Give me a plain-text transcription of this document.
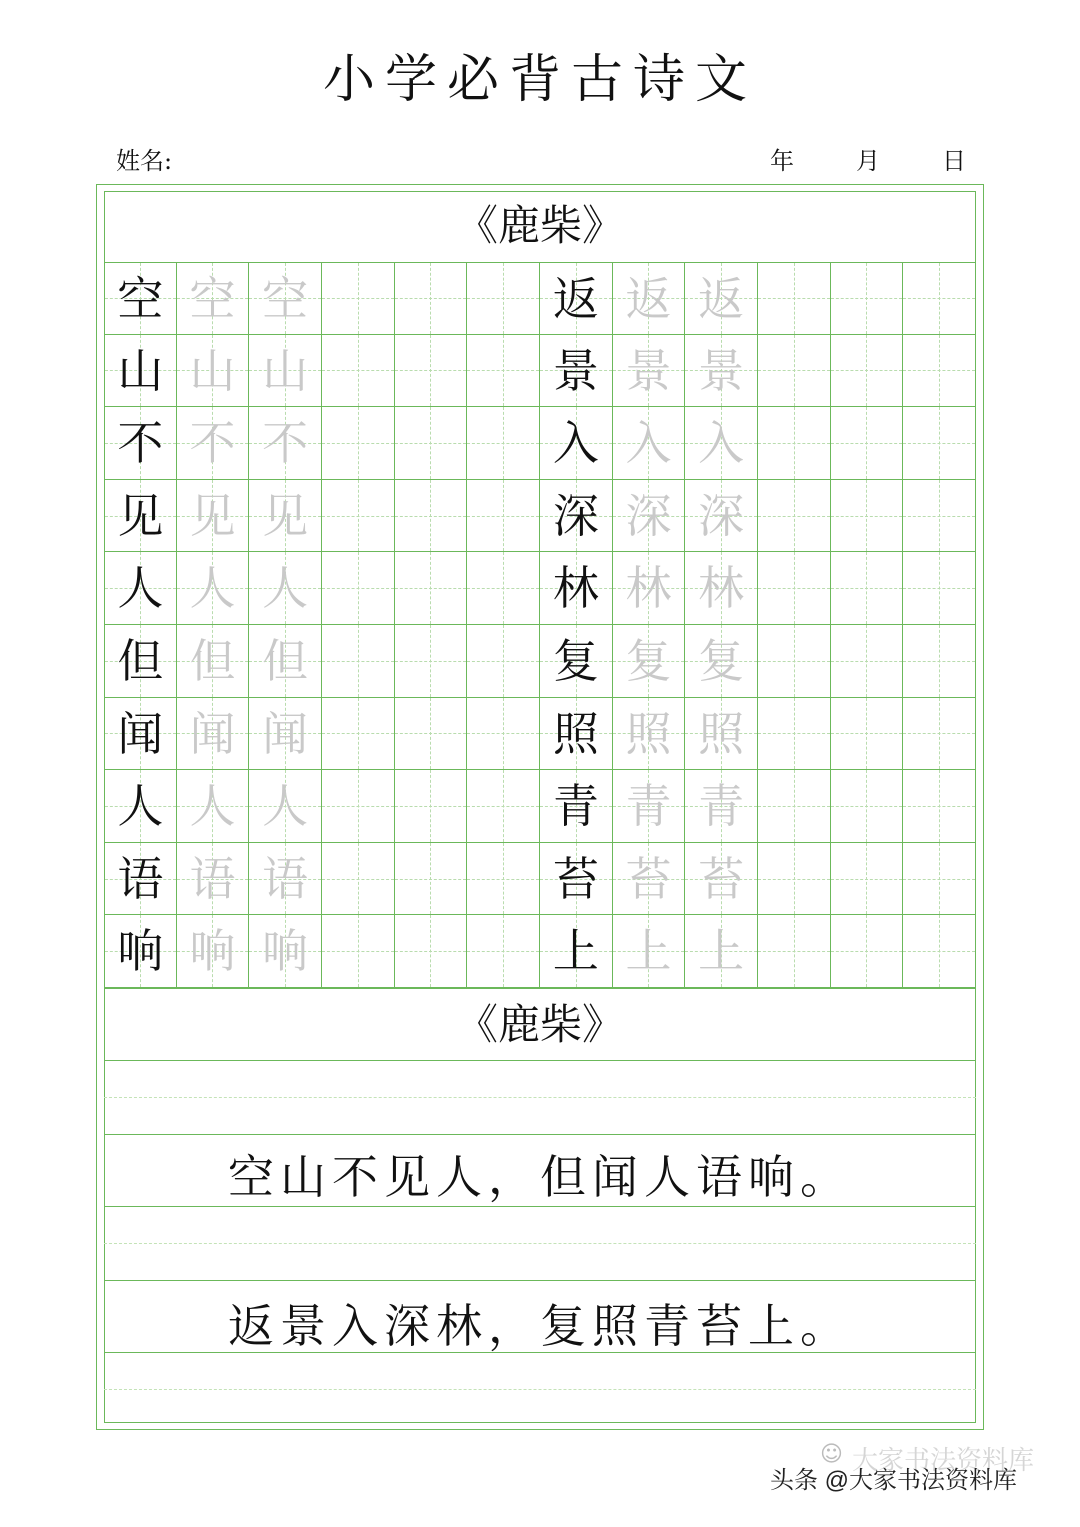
小学必背古诗文
姓名:	年	月	日
《鹿柴》
空 空 空	返 返 返
山 山 山	景 景 景
不 不 不	入 入 入
见 见 见	深 深 深
人 人 人	林 林 林
但 但 但	复 复 复
闻 闻 闻	照 照 照
人 人 人	青 青 青
语 语 语	苔 苔 苔
响 响 响	上 上 上
《鹿柴》
空山不见人，但闻人语响。
返景入深林，复照青苔上。
☺ 大家书法资料库
头条 @大家书法资料库
